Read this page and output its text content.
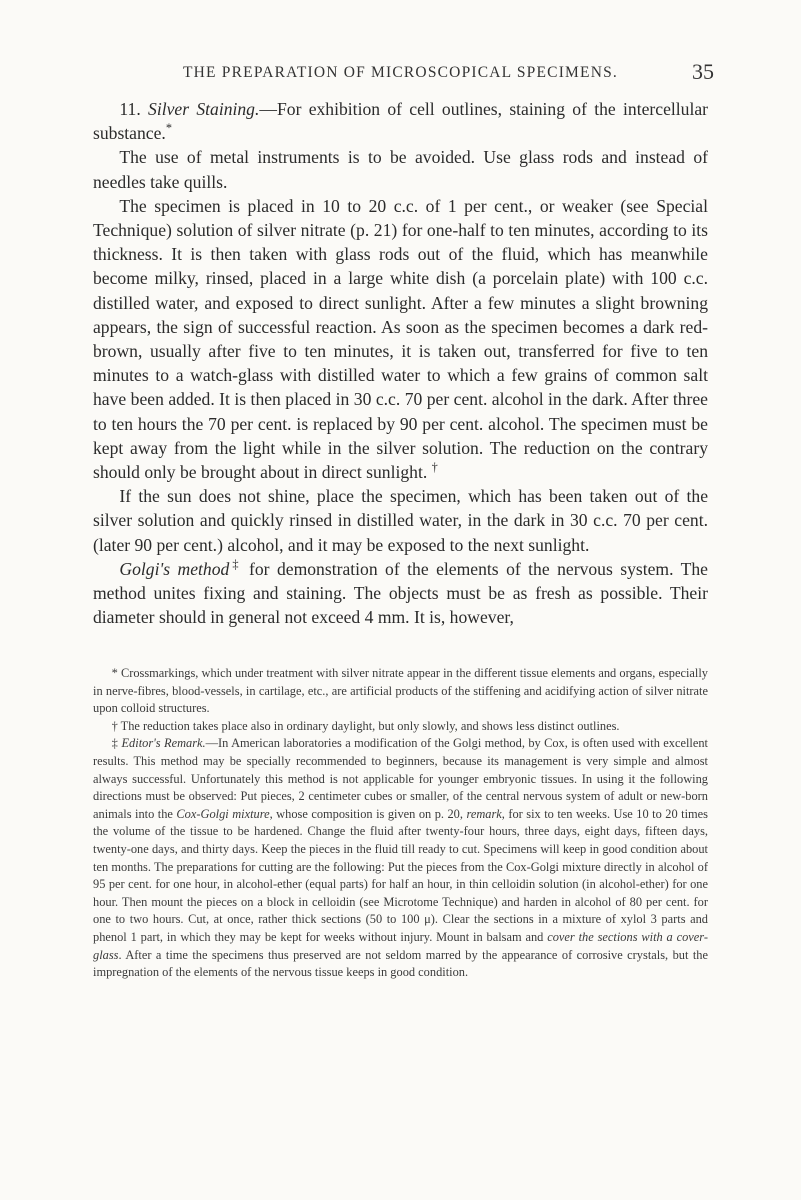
THE PREPARATION OF MICROSCOPICAL SPECIMENS.	35

11. Silver Staining.—For exhibition of cell outlines, staining of the intercellular substance.*

The use of metal instruments is to be avoided. Use glass rods and instead of needles take quills.

The specimen is placed in 10 to 20 c.c. of 1 per cent., or weaker (see Special Technique) solution of silver nitrate (p. 21) for one-half to ten minutes, according to its thickness. It is then taken with glass rods out of the fluid, which has meanwhile become milky, rinsed, placed in a large white dish (a porcelain plate) with 100 c.c. distilled water, and exposed to direct sunlight. After a few minutes a slight browning appears, the sign of successful reaction. As soon as the specimen becomes a dark red-brown, usually after five to ten minutes, it is taken out, transferred for five to ten minutes to a watch-glass with distilled water to which a few grains of common salt have been added. It is then placed in 30 c.c. 70 per cent. alcohol in the dark. After three to ten hours the 70 per cent. is replaced by 90 per cent. alcohol. The specimen must be kept away from the light while in the silver solution. The reduction on the contrary should only be brought about in direct sunlight. †

If the sun does not shine, place the specimen, which has been taken out of the silver solution and quickly rinsed in distilled water, in the dark in 30 c.c. 70 per cent. (later 90 per cent.) alcohol, and it may be exposed to the next sunlight.

Golgi's method‡ for demonstration of the elements of the nervous system. The method unites fixing and staining. The objects must be as fresh as possible. Their diameter should in general not exceed 4 mm. It is, however,

* Crossmarkings, which under treatment with silver nitrate appear in the different tissue elements and organs, especially in nerve-fibres, blood-vessels, in cartilage, etc., are artificial products of the stiffening and acidifying action of silver nitrate upon colloid structures.

† The reduction takes place also in ordinary daylight, but only slowly, and shows less distinct outlines.

‡ Editor's Remark.—In American laboratories a modification of the Golgi method, by Cox, is often used with excellent results. This method may be specially recommended to beginners, because its management is very simple and almost always successful. Unfortunately this method is not applicable for younger embryonic tissues. In using it the following directions must be observed: Put pieces, 2 centimeter cubes or smaller, of the central nervous system of adult or new-born animals into the Cox-Golgi mixture, whose composition is given on p. 20, remark, for six to ten weeks. Use 10 to 20 times the volume of the tissue to be hardened. Change the fluid after twenty-four hours, three days, eight days, fifteen days, twenty-one days, and thirty days. Keep the pieces in the fluid till ready to cut. Specimens will keep in good condition about ten months. The preparations for cutting are the following: Put the pieces from the Cox-Golgi mixture directly in alcohol of 95 per cent. for one hour, in alcohol-ether (equal parts) for half an hour, in thin celloidin solution (in alcohol-ether) for one hour. Then mount the pieces on a block in celloidin (see Microtome Technique) and harden in alcohol of 80 per cent. for one to two hours. Cut, at once, rather thick sections (50 to 100 μ). Clear the sections in a mixture of xylol 3 parts and phenol 1 part, in which they may be kept for weeks without injury. Mount in balsam and cover the sections with a cover-glass. After a time the specimens thus preserved are not seldom marred by the appearance of corrosive crystals, but the impregnation of the elements of the nervous tissue keeps in good condition.
